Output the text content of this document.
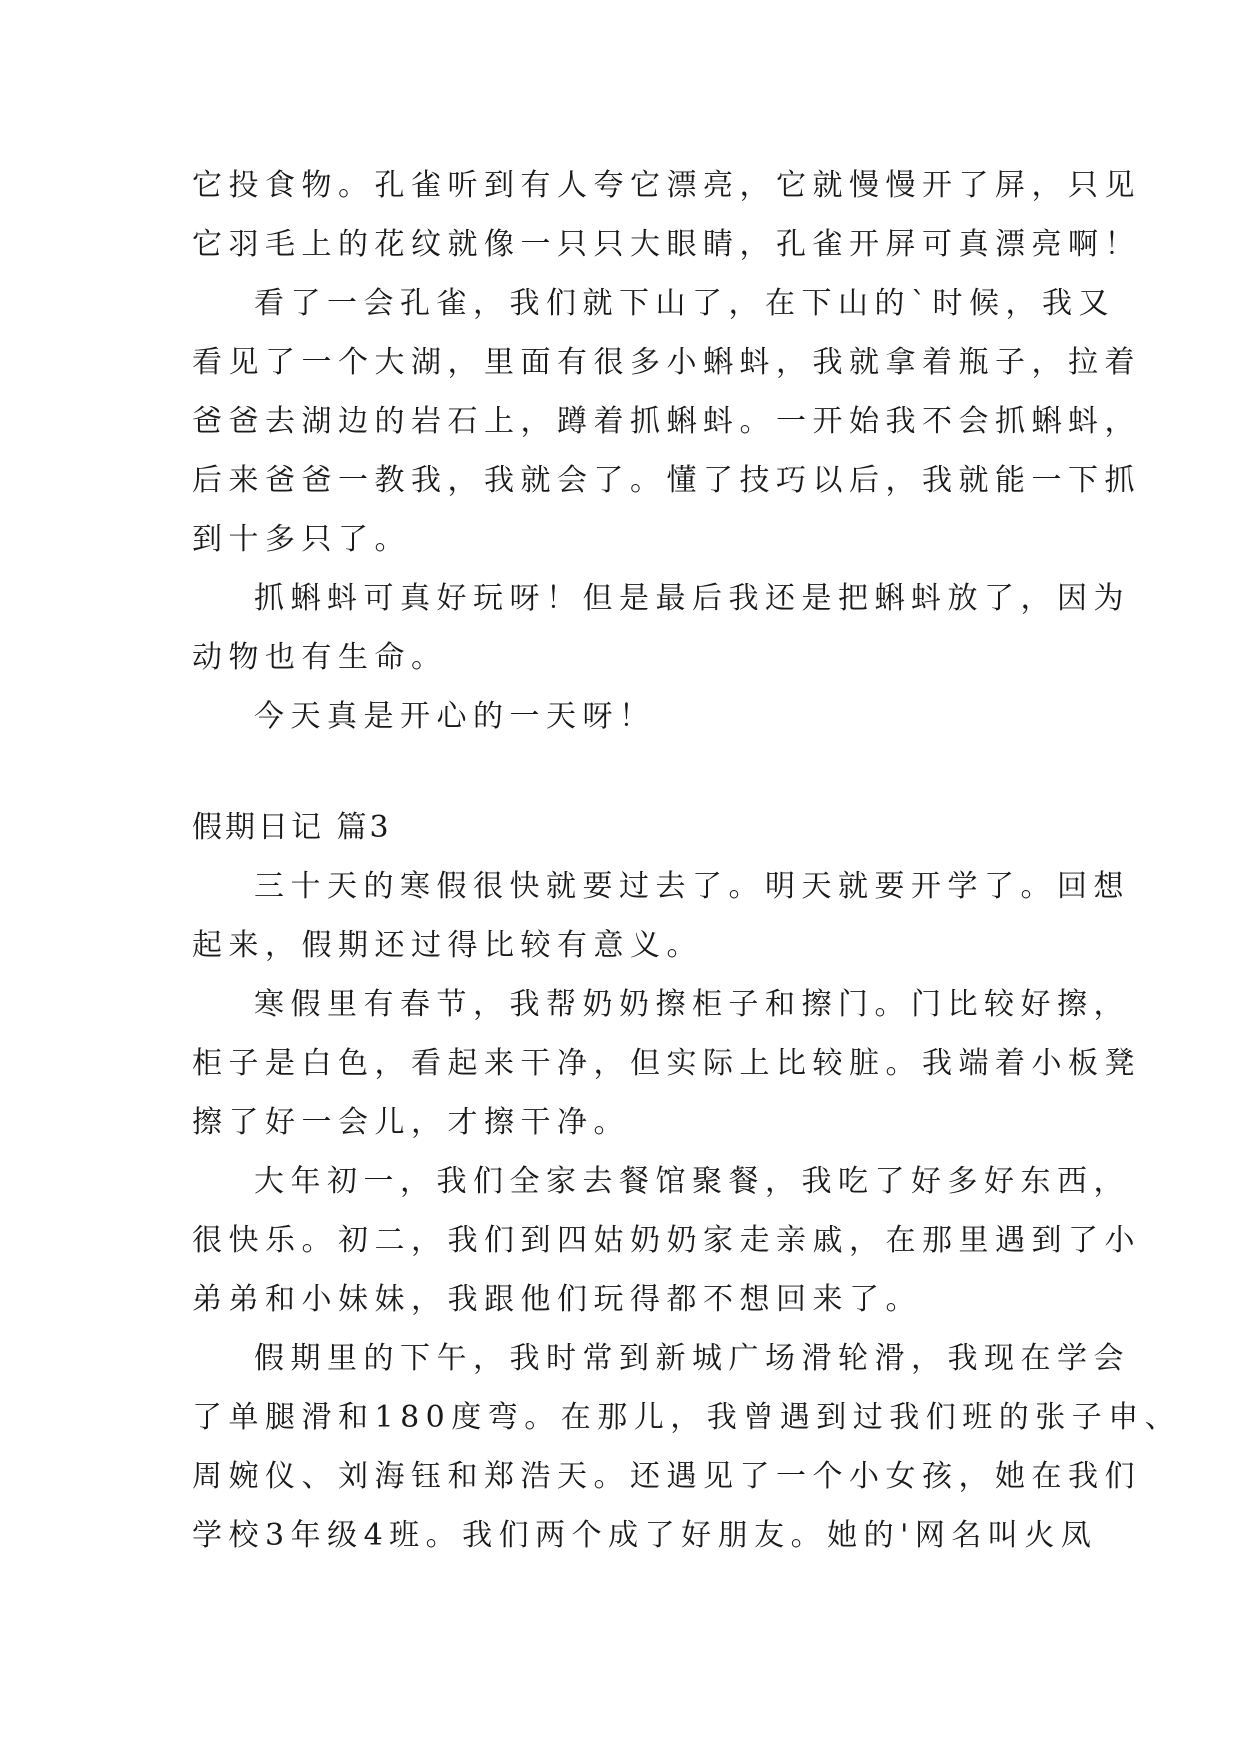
它投食物。孔雀听到有人夸它漂亮，它就慢慢开了屏，只见
它羽毛上的花纹就像一只只大眼睛，孔雀开屏可真漂亮啊！
看了一会孔雀，我们就下山了，在下山的`时候，我又
看见了一个大湖，里面有很多小蝌蚪，我就拿着瓶子，拉着
爸爸去湖边的岩石上，蹲着抓蝌蚪。一开始我不会抓蝌蚪，
后来爸爸一教我，我就会了。懂了技巧以后，我就能一下抓
到十多只了。
抓蝌蚪可真好玩呀！但是最后我还是把蝌蚪放了，因为
动物也有生命。
今天真是开心的一天呀！
假期日记 篇3
三十天的寒假很快就要过去了。明天就要开学了。回想
起来，假期还过得比较有意义。
寒假里有春节，我帮奶奶擦柜子和擦门。门比较好擦，
柜子是白色，看起来干净，但实际上比较脏。我端着小板凳
擦了好一会儿，才擦干净。
大年初一，我们全家去餐馆聚餐，我吃了好多好东西，
很快乐。初二，我们到四姑奶奶家走亲戚，在那里遇到了小
弟弟和小妹妹，我跟他们玩得都不想回来了。
假期里的下午，我时常到新城广场滑轮滑，我现在学会
了单腿滑和180度弯。在那儿，我曾遇到过我们班的张子申、
周婉仪、刘海钰和郑浩天。还遇见了一个小女孩，她在我们
学校3年级4班。我们两个成了好朋友。她的'网名叫火凤
